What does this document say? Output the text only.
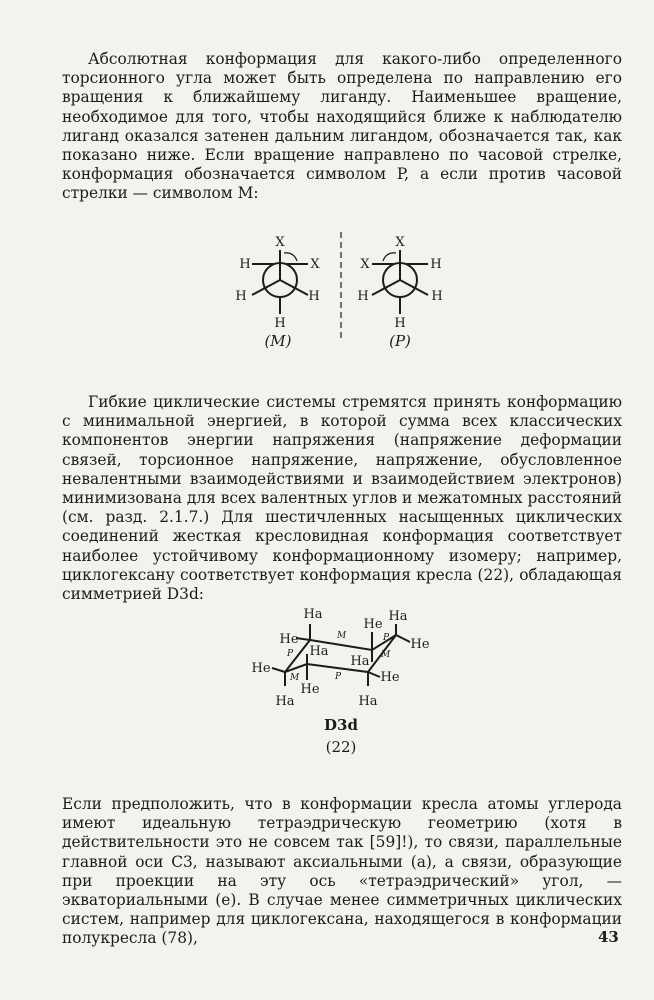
Абсолютная конформация для какого-либо определенного торсионного угла может быть определена по направлению его вращения к ближайшему лиганду. Наименьшее вращение, необходимое для того, чтобы находящийся ближе к наблюдателю лиганд оказался затенен дальним лигандом, обозначается так, как показано ниже. Если вращение направлено по часовой стрелке, конформация обозначается символом P, а если против часовой стрелки — символом M:

X
H	X
H	H
H
(M)
X
X	H
H	H
H
(P)

Гибкие циклические системы стремятся принять конформацию с минимальной энергией, в которой сумма всех классических компонентов энергии напряжения (напряжение деформации связей, торсионное напряжение, напряжение, обусловленное невалентными взаимодействиями и взаимодействием электронов) минимизована для всех валентных углов и межатомных расстояний (см. разд. 2.1.7.) Для шестичленных насыщенных циклических соединений жесткая кресловидная конформация соответствует наиболее устойчивому конформационному изомеру; например, циклогексану соответствует конформация кресла (22), обладающая симметрией D3d:

Ha
He
He
Ha
He
Ha
Ha
He
He
He
Ha	Ha
M	P
P	M
M	P
D3d
(22)

Если предположить, что в конформации кресла атомы углерода имеют идеальную тетраэдрическую геометрию (хотя в действительности это не совсем так [59]!), то связи, параллельные главной оси C3, называют аксиальными (a), а связи, образующие при проекции на эту ось «тетраэдрический» угол, — экваториальными (e). В случае менее симметричных циклических систем, например для циклогексана, находящегося в конформации полукресла (78),	43
